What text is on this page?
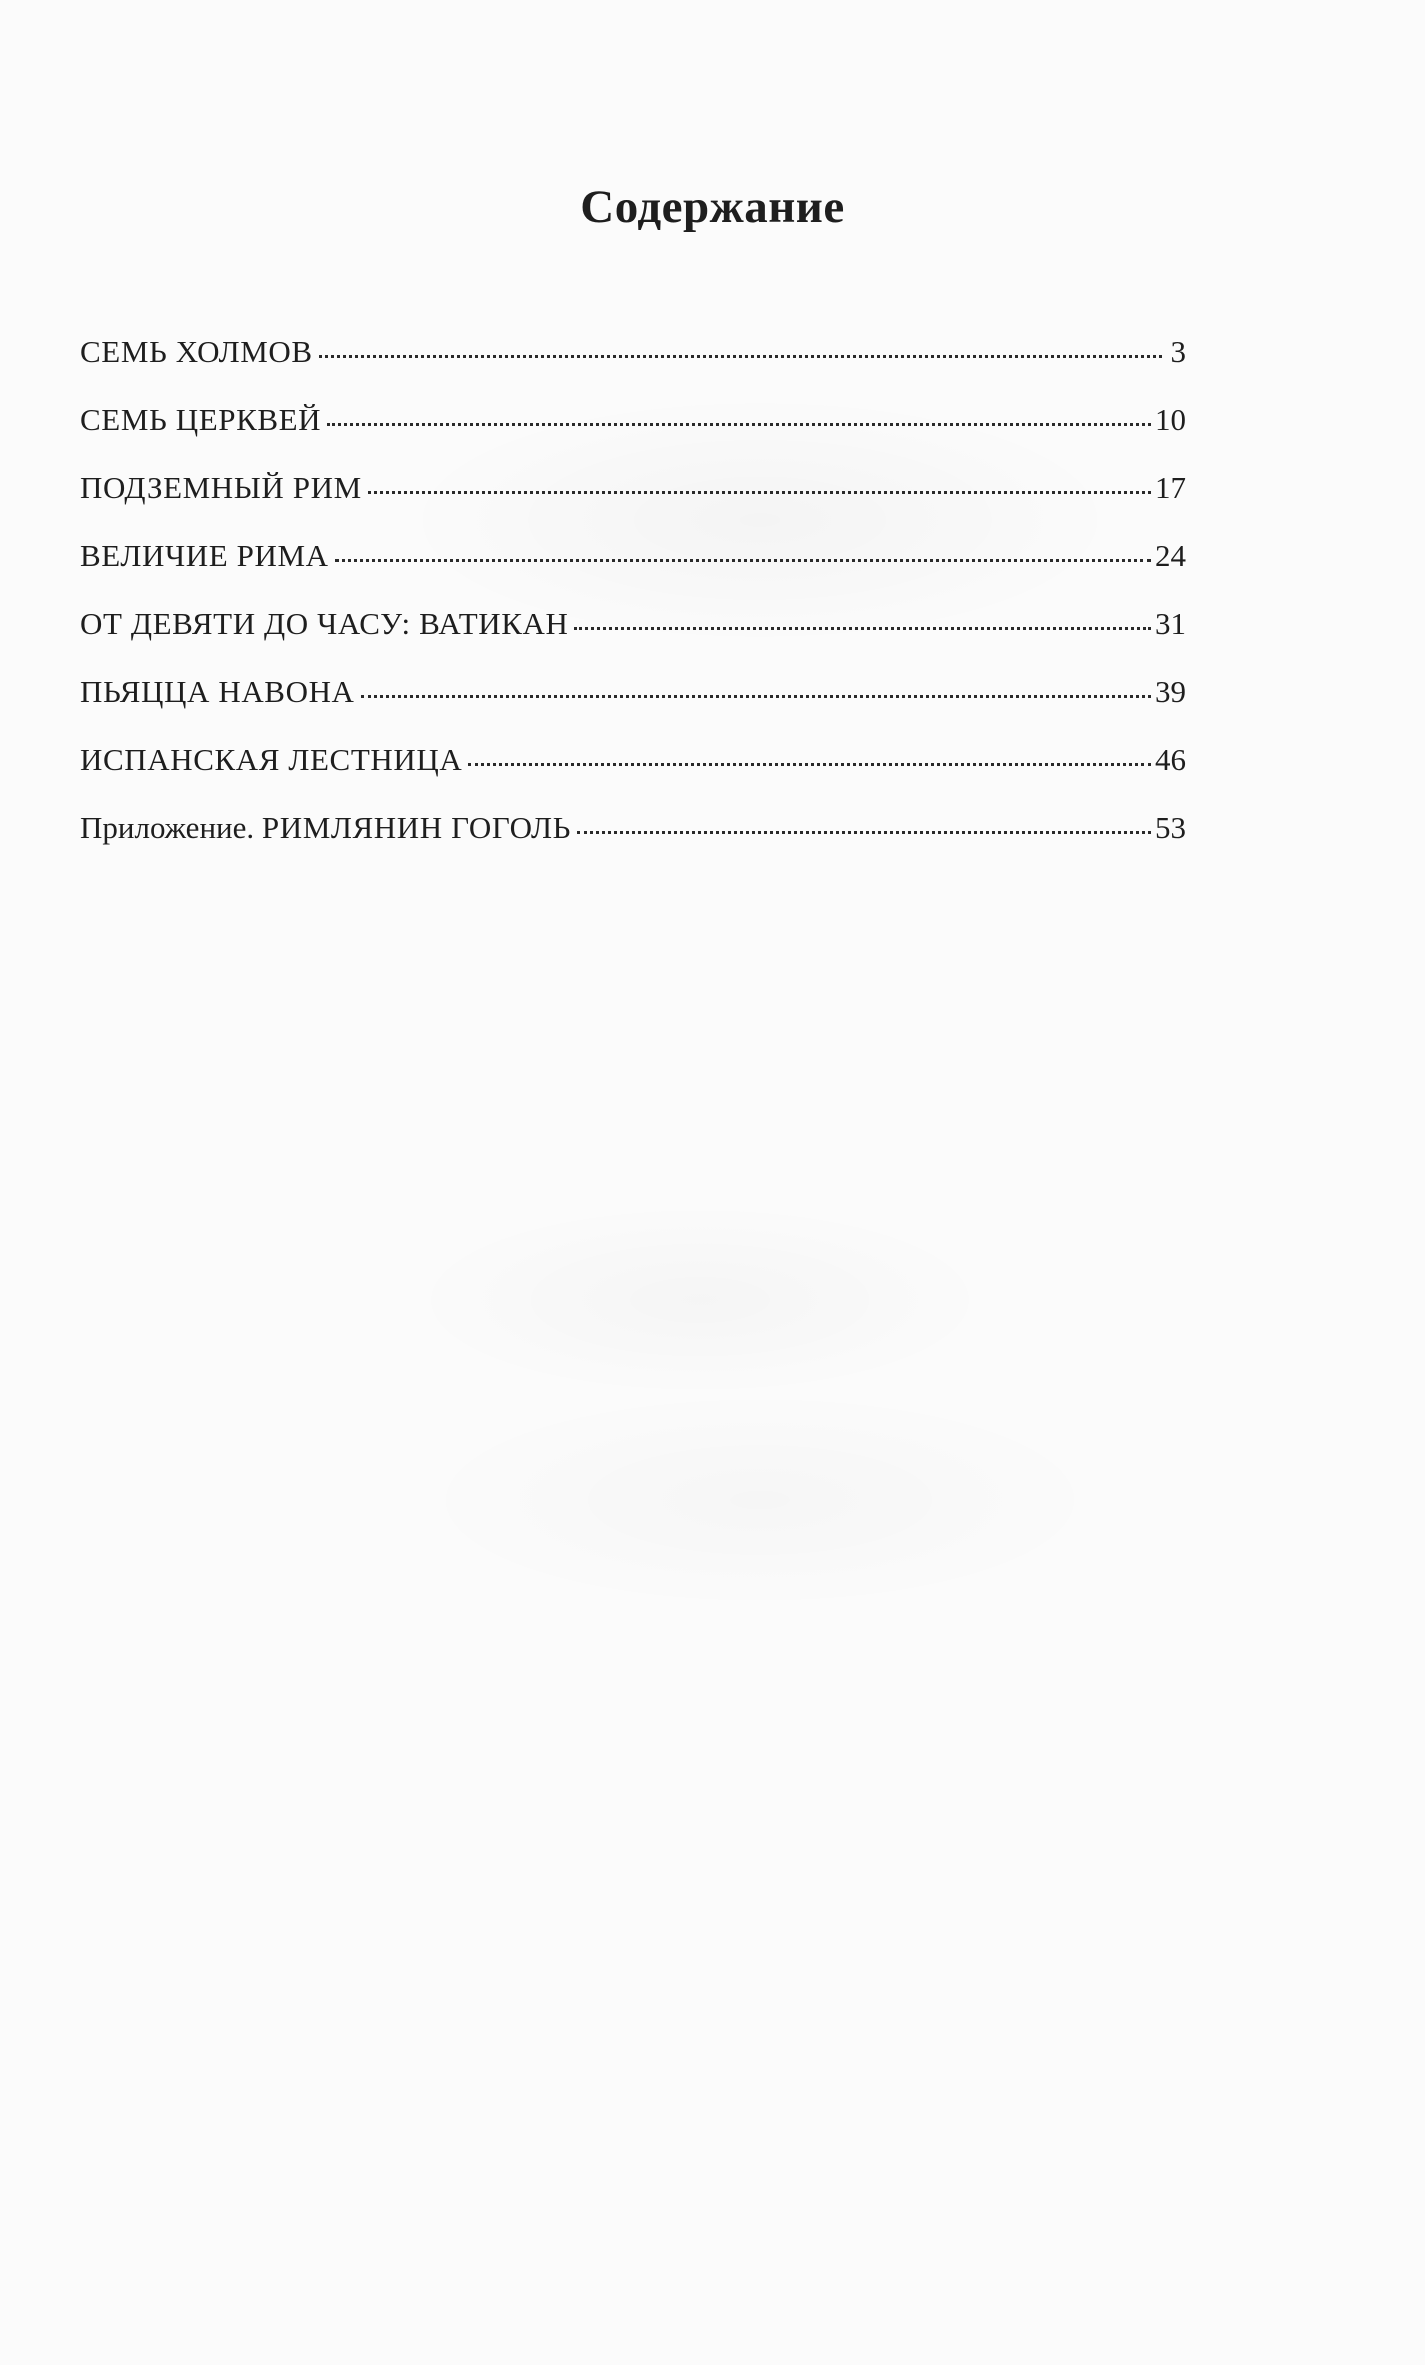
Содержание
СЕМЬ ХОЛМОВ	3
СЕМЬ ЦЕРКВЕЙ	10
ПОДЗЕМНЫЙ РИМ	17
ВЕЛИЧИЕ РИМА	24
ОТ ДЕВЯТИ ДО ЧАСУ: ВАТИКАН	31
ПЬЯЦЦА НАВОНА	39
ИСПАНСКАЯ ЛЕСТНИЦА	46
Приложение. РИМЛЯНИН ГОГОЛЬ	53
